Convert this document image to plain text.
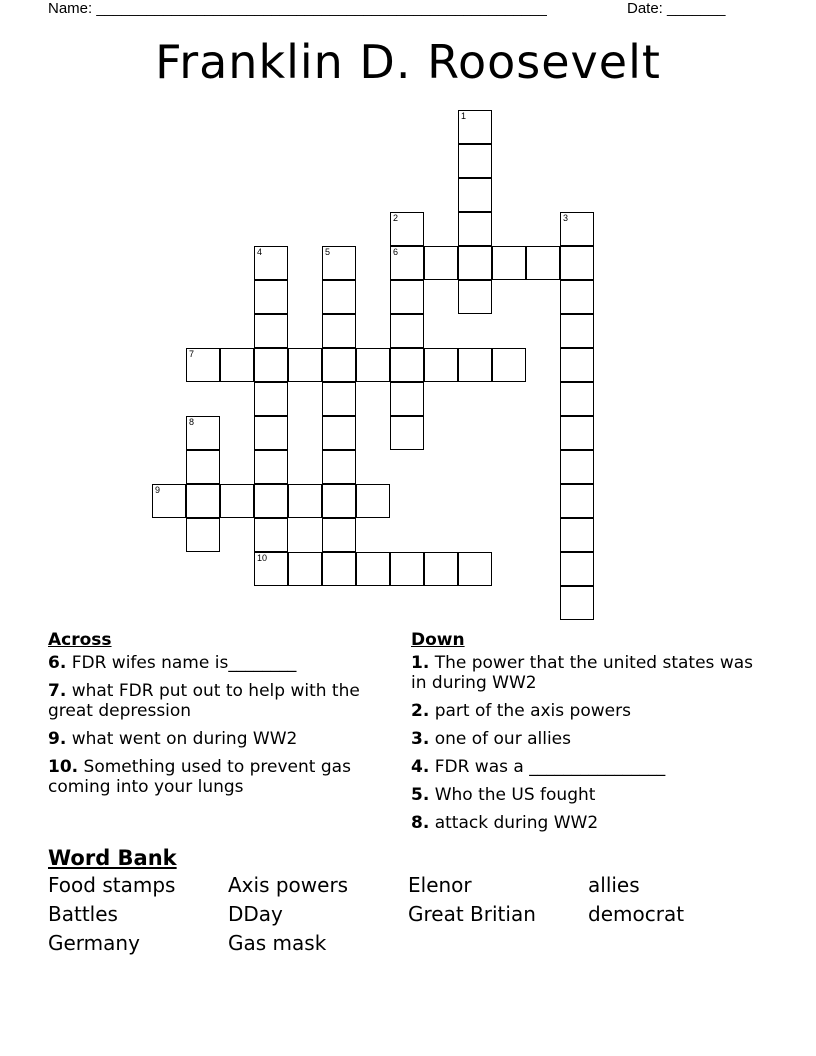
Name: ______________________________________________________	Date: _______
Franklin D. Roosevelt
1
2
6
3
4	5
7
8
9
10
Across
6. FDR wifes name is________
7. what FDR put out to help with the great depression
9. what went on during WW2
10. Something used to prevent gas coming into your lungs
Down
1. The power that the united states was in during WW2
2. part of the axis powers
3. one of our allies
4. FDR was a ________________
5. Who the US fought
8. attack during WW2
Word Bank
Food stamps	Axis powers	Elenor	allies
Battles	DDay	Great Britian	democrat
Germany	Gas mask
